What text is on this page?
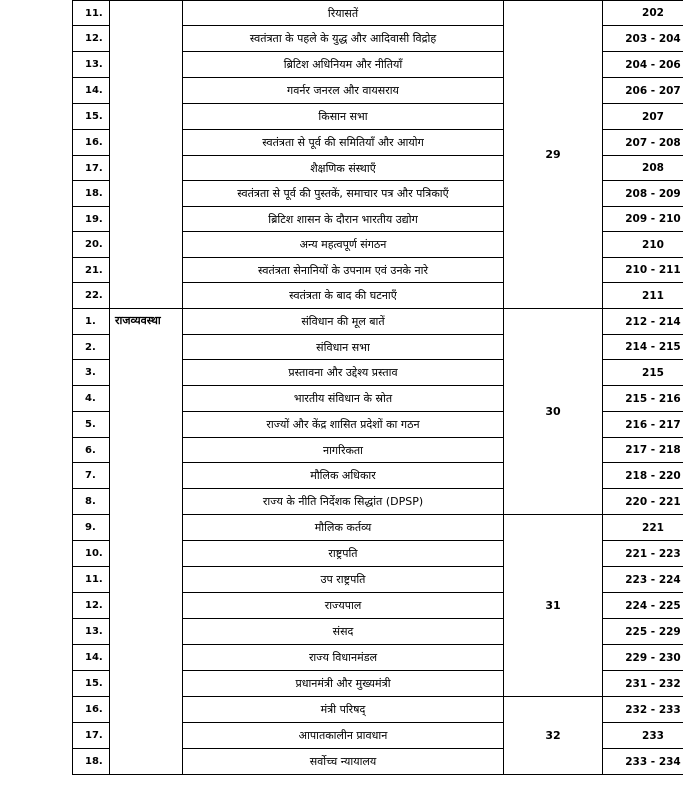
11.		रियासतें	29		202
12.		स्वतंत्रता के पहले के युद्ध और आदिवासी विद्रोह		203 - 204
13.		ब्रिटिश अधिनियम और नीतियाँ		204 - 206
14.		गवर्नर जनरल और वायसराय		206 - 207
15.		किसान सभा		207
16.		स्वतंत्रता से पूर्व की समितियाँ और आयोग		207 - 208
17.		शैक्षणिक संस्थाएँ		208
18.		स्वतंत्रता से पूर्व की पुस्तकें, समाचार पत्र और पत्रिकाएँ		208 - 209
19.		ब्रिटिश शासन के दौरान भारतीय उद्योग		209 - 210
20.		अन्य महत्वपूर्ण संगठन		210
21.		स्वतंत्रता सेनानियों के उपनाम एवं उनके नारे		210 - 211
22.		स्वतंत्रता के बाद की घटनाएँ		211
1.	राजव्यवस्था	संविधान की मूल बातें	30		212 - 214
2.		संविधान सभा		214 - 215
3.		प्रस्तावना और उद्देश्य प्रस्ताव		215
4.		भारतीय संविधान के स्रोत		215 - 216
5.		राज्यों और केंद्र शासित प्रदेशों का गठन		216 - 217
6.		नागरिकता		217 - 218
7.		मौलिक अधिकार		218 - 220
8.		राज्य के नीति निर्देशक सिद्धांत (DPSP)		220 - 221
9.		मौलिक कर्तव्य	31		221
10.		राष्ट्रपति		221 - 223
11.		उप राष्ट्रपति		223 - 224
12.		राज्यपाल		224 - 225
13.		संसद		225 - 229
14.		राज्य विधानमंडल		229 - 230
15.		प्रधानमंत्री और मुख्यमंत्री		231 - 232
16.		मंत्री परिषद्	32		232 - 233
17.		आपातकालीन प्रावधान		233
18.		सर्वोच्च न्यायालय		233 - 234
